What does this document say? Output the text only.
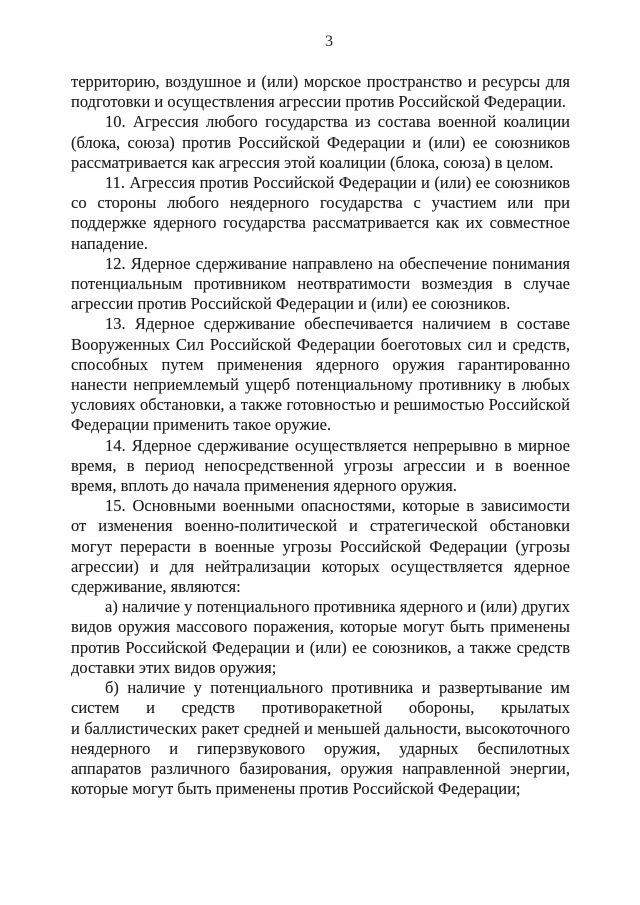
3

территорию, воздушное и (или) морское пространство и ресурсы для подготовки и осуществления агрессии против Российской Федерации.

10. Агрессия любого государства из состава военной коалиции (блока, союза) против Российской Федерации и (или) ее союзников рассматривается как агрессия этой коалиции (блока, союза) в целом.

11. Агрессия против Российской Федерации и (или) ее союзников со стороны любого неядерного государства с участием или при поддержке ядерного государства рассматривается как их совместное нападение.

12. Ядерное сдерживание направлено на обеспечение понимания потенциальным противником неотвратимости возмездия в случае агрессии против Российской Федерации и (или) ее союзников.

13. Ядерное сдерживание обеспечивается наличием в составе Вооруженных Сил Российской Федерации боеготовых сил и средств, способных путем применения ядерного оружия гарантированно нанести неприемлемый ущерб потенциальному противнику в любых условиях обстановки, а также готовностью и решимостью Российской Федерации применить такое оружие.

14. Ядерное сдерживание осуществляется непрерывно в мирное время, в период непосредственной угрозы агрессии и в военное время, вплоть до начала применения ядерного оружия.

15. Основными военными опасностями, которые в зависимости от изменения военно-политической и стратегической обстановки могут перерасти в военные угрозы Российской Федерации (угрозы агрессии) и для нейтрализации которых осуществляется ядерное сдерживание, являются:

а) наличие у потенциального противника ядерного и (или) других видов оружия массового поражения, которые могут быть применены против Российской Федерации и (или) ее союзников, а также средств доставки этих видов оружия;

б) наличие у потенциального противника и развертывание им систем и средств противоракетной обороны, крылатых и баллистических ракет средней и меньшей дальности, высокоточного неядерного и гиперзвукового оружия, ударных беспилотных аппаратов различного базирования, оружия направленной энергии, которые могут быть применены против Российской Федерации;
